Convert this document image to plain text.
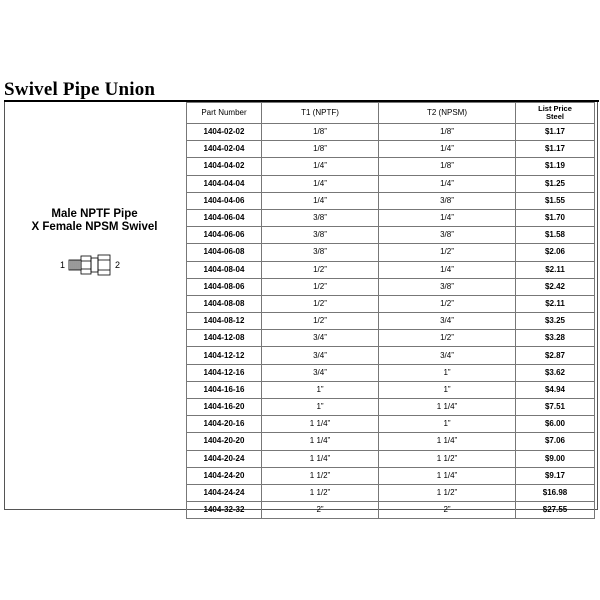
Swivel Pipe Union
Male NPTF Pipe
X Female NPSM Swivel
1	2
Part Number	T1 (NPTF)	T2 (NPSM)	List Price
Steel

1404-02-02	1/8”	1/8”	$1.17
1404-02-04	1/8”	1/4”	$1.17
1404-04-02	1/4”	1/8”	$1.19
1404-04-04	1/4”	1/4”	$1.25
1404-04-06	1/4”	3/8”	$1.55
1404-06-04	3/8”	1/4”	$1.70
1404-06-06	3/8”	3/8”	$1.58
1404-06-08	3/8”	1/2”	$2.06
1404-08-04	1/2”	1/4”	$2.11
1404-08-06	1/2”	3/8”	$2.42
1404-08-08	1/2”	1/2”	$2.11
1404-08-12	1/2”	3/4”	$3.25
1404-12-08	3/4”	1/2”	$3.28
1404-12-12	3/4”	3/4”	$2.87
1404-12-16	3/4”	1”	$3.62
1404-16-16	1”	1”	$4.94
1404-16-20	1”	1 1/4”	$7.51
1404-20-16	1 1/4”	1”	$6.00
1404-20-20	1 1/4”	1 1/4”	$7.06
1404-20-24	1 1/4”	1 1/2”	$9.00
1404-24-20	1 1/2”	1 1/4”	$9.17
1404-24-24	1 1/2”	1 1/2”	$16.98
1404-32-32	2”	2”	$27.55
